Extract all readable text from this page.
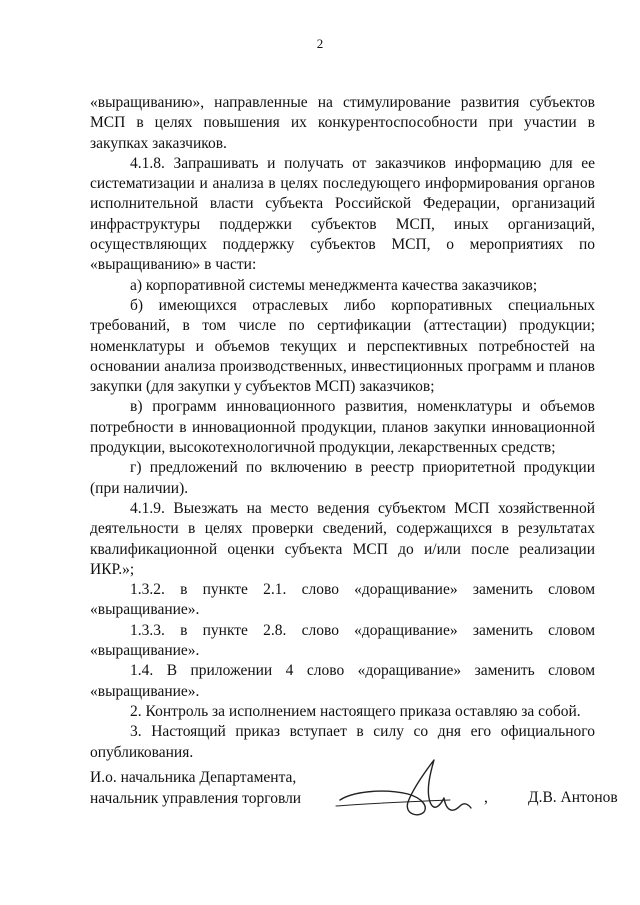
2

«выращиванию», направленные на стимулирование развития субъектов МСП в целях повышения их конкурентоспособности при участии в закупках заказчиков.

4.1.8. Запрашивать и получать от заказчиков информацию для ее систематизации и анализа в целях последующего информирования органов исполнительной власти субъекта Российской Федерации, организаций инфраструктуры поддержки субъектов МСП, иных организаций, осуществляющих поддержку субъектов МСП, о мероприятиях по «выращиванию» в части:

а) корпоративной системы менеджмента качества заказчиков;

б) имеющихся отраслевых либо корпоративных специальных требований, в том числе по сертификации (аттестации) продукции; номенклатуры и объемов текущих и перспективных потребностей на основании анализа производственных, инвестиционных программ и планов закупки (для закупки у субъектов МСП) заказчиков;

в) программ инновационного развития, номенклатуры и объемов потребности в инновационной продукции, планов закупки инновационной продукции, высокотехнологичной продукции, лекарственных средств;

г) предложений по включению в реестр приоритетной продукции (при наличии).

4.1.9. Выезжать на место ведения субъектом МСП хозяйственной деятельности в целях проверки сведений, содержащихся в результатах квалификационной оценки субъекта МСП до и/или после реализации ИКР.»;

1.3.2. в пункте 2.1. слово «доращивание» заменить словом «выращивание».

1.3.3. в пункте 2.8. слово «доращивание» заменить словом «выращивание».

1.4. В приложении 4 слово «доращивание» заменить словом «выращивание».

2. Контроль за исполнением настоящего приказа оставляю за собой.

3. Настоящий приказ вступает в силу со дня его официального опубликования.

И.о. начальника Департамента,
начальник управления торговли	,	Д.В. Антонов
